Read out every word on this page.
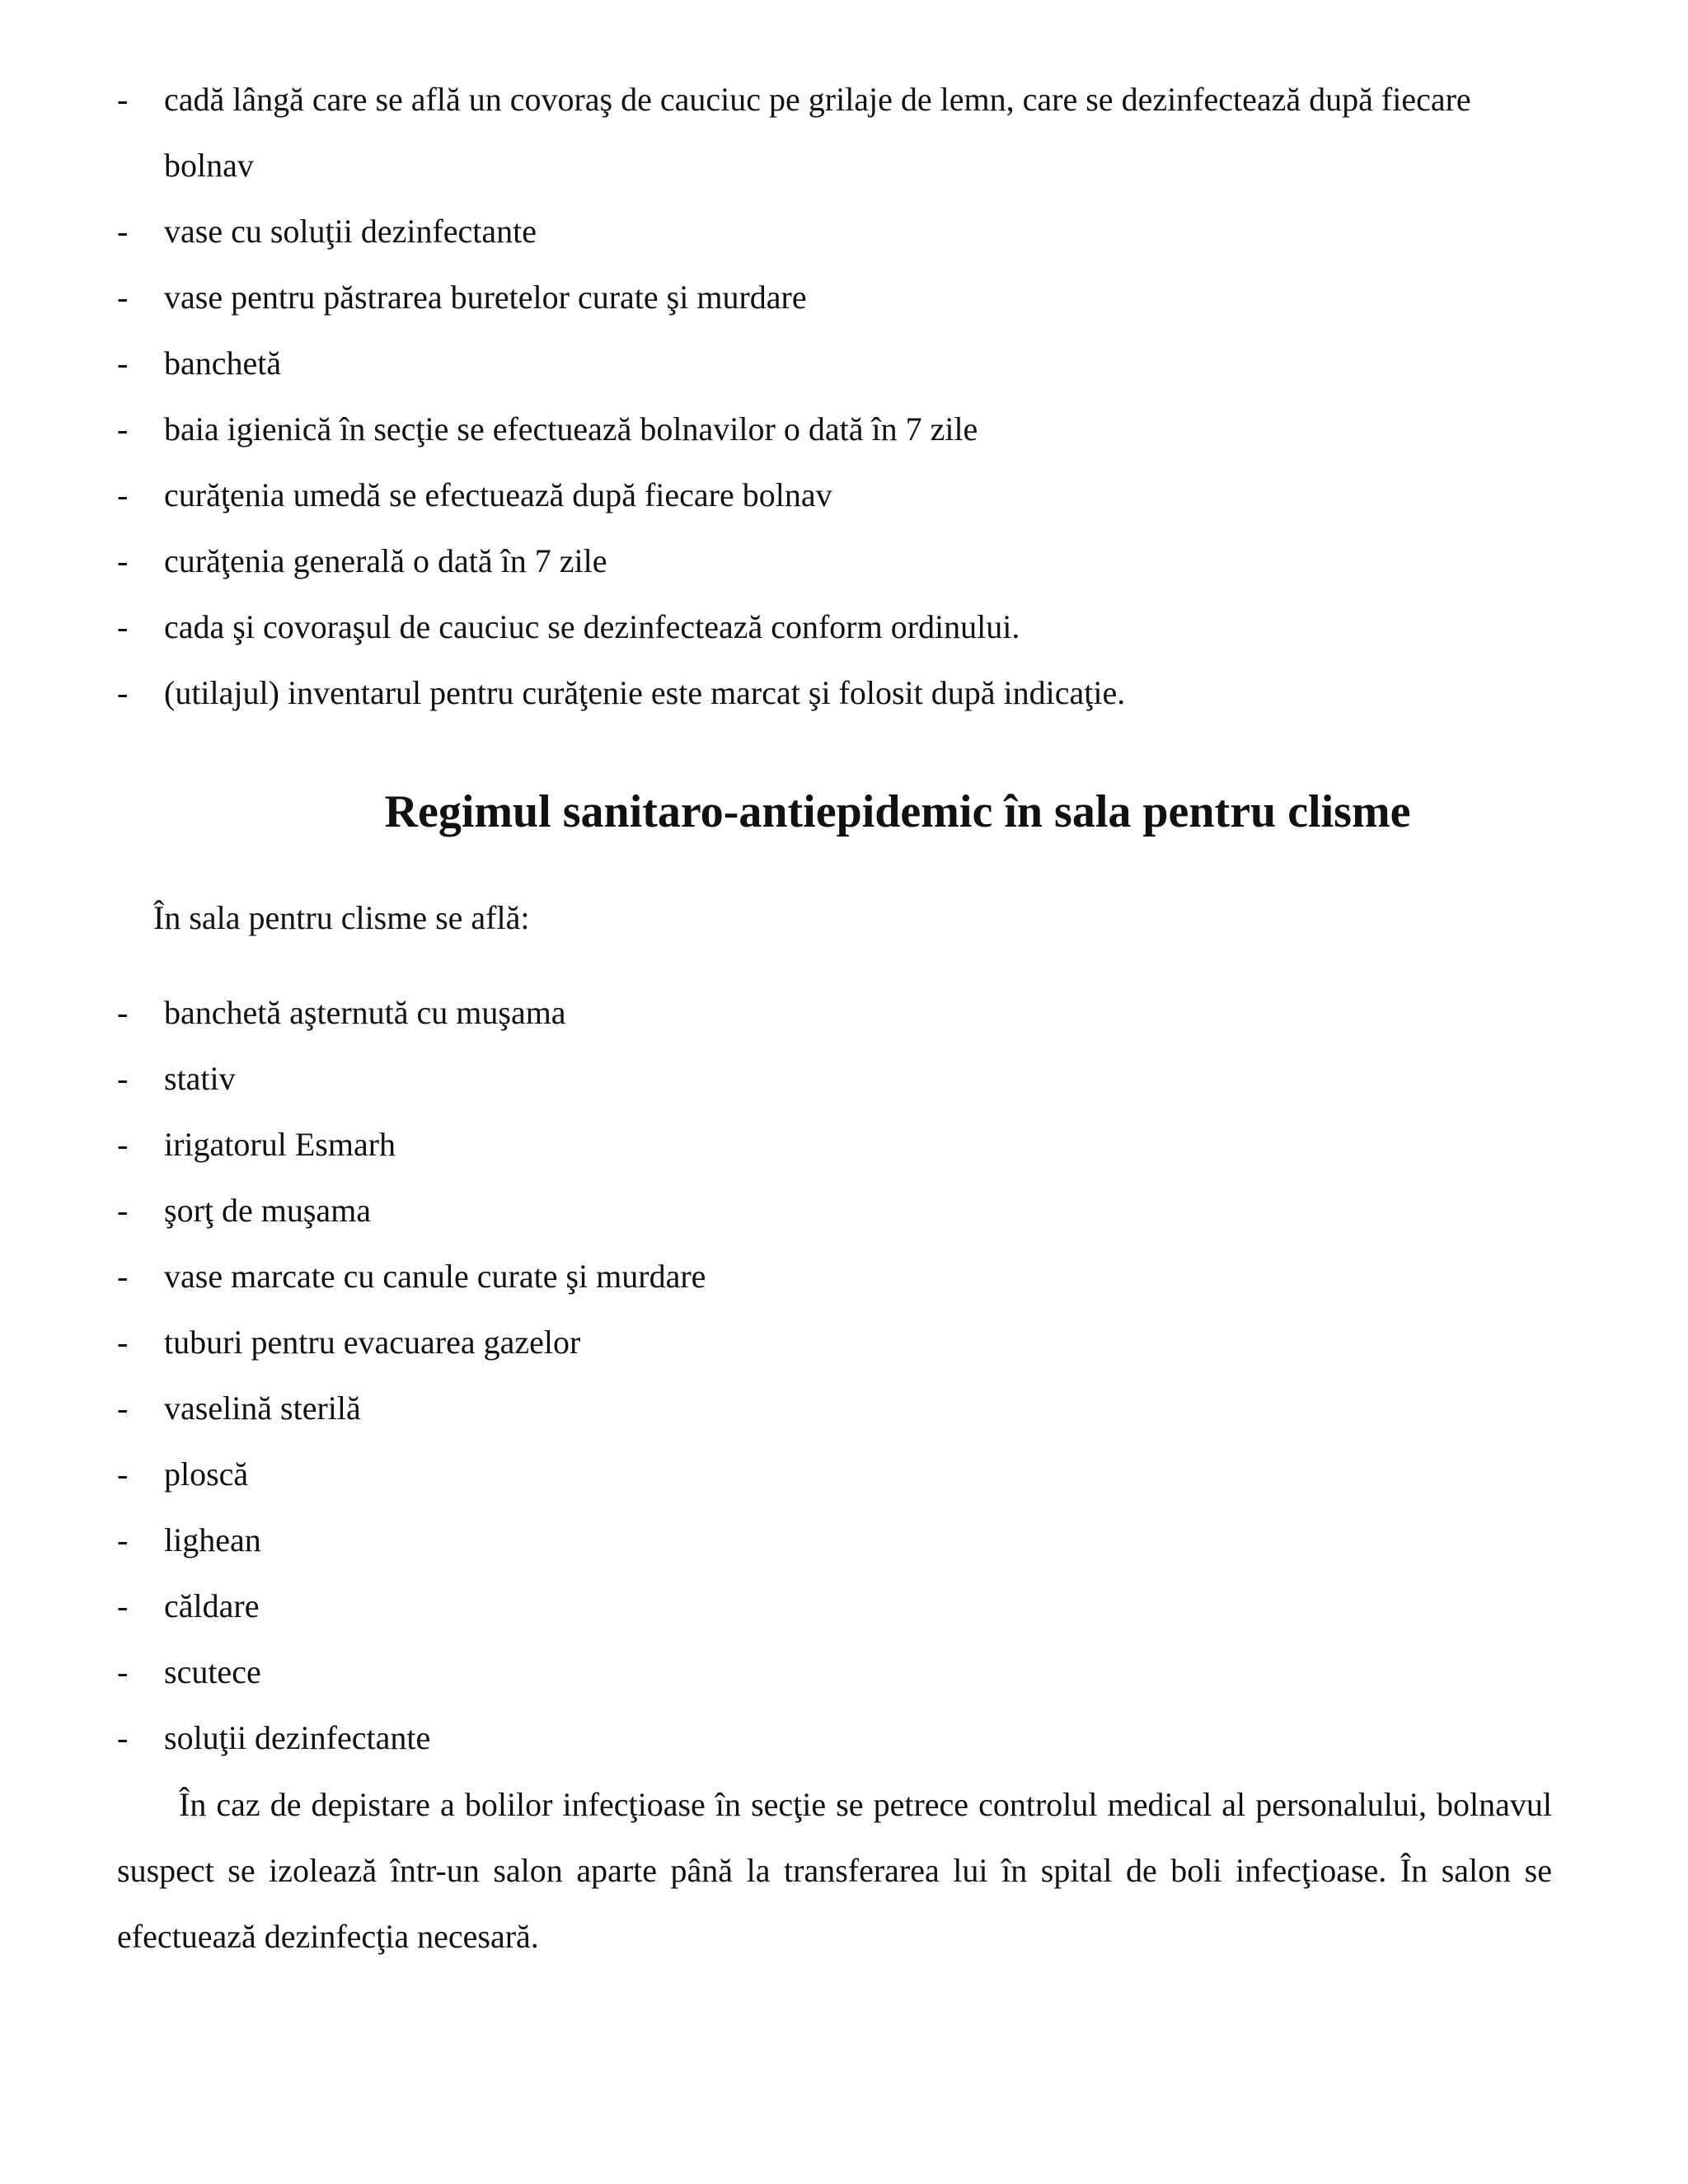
- cadă lângă care se află un covoraş de cauciuc pe grilaje de lemn, care se dezinfectează după fiecare bolnav
- vase cu soluţii dezinfectante
- vase pentru păstrarea buretelor curate şi murdare
- banchetă
- baia igienică în secţie se efectuează bolnavilor o dată în 7 zile
- curăţenia umedă se efectuează după fiecare bolnav
- curăţenia generală o dată în 7 zile
- cada şi covoraşul de cauciuc se dezinfectează conform ordinului.
- (utilajul) inventarul pentru curăţenie este marcat şi folosit după indicaţie.
Regimul sanitaro-antiepidemic în sala pentru clisme

În sala pentru clisme se află:

- banchetă aşternută cu muşama
- stativ
- irigatorul Esmarh
- şorţ de muşama
- vase marcate cu canule curate şi murdare
- tuburi pentru evacuarea gazelor
- vaselină sterilă
- ploscă
- lighean
- căldare
- scutece
- soluţii dezinfectante

În caz de depistare a bolilor infecţioase în secţie se petrece controlul medical al personalului, bolnavul suspect se izolează într-un salon aparte până la transferarea lui în spital de boli infecţioase. În salon se efectuează dezinfecţia necesară.
